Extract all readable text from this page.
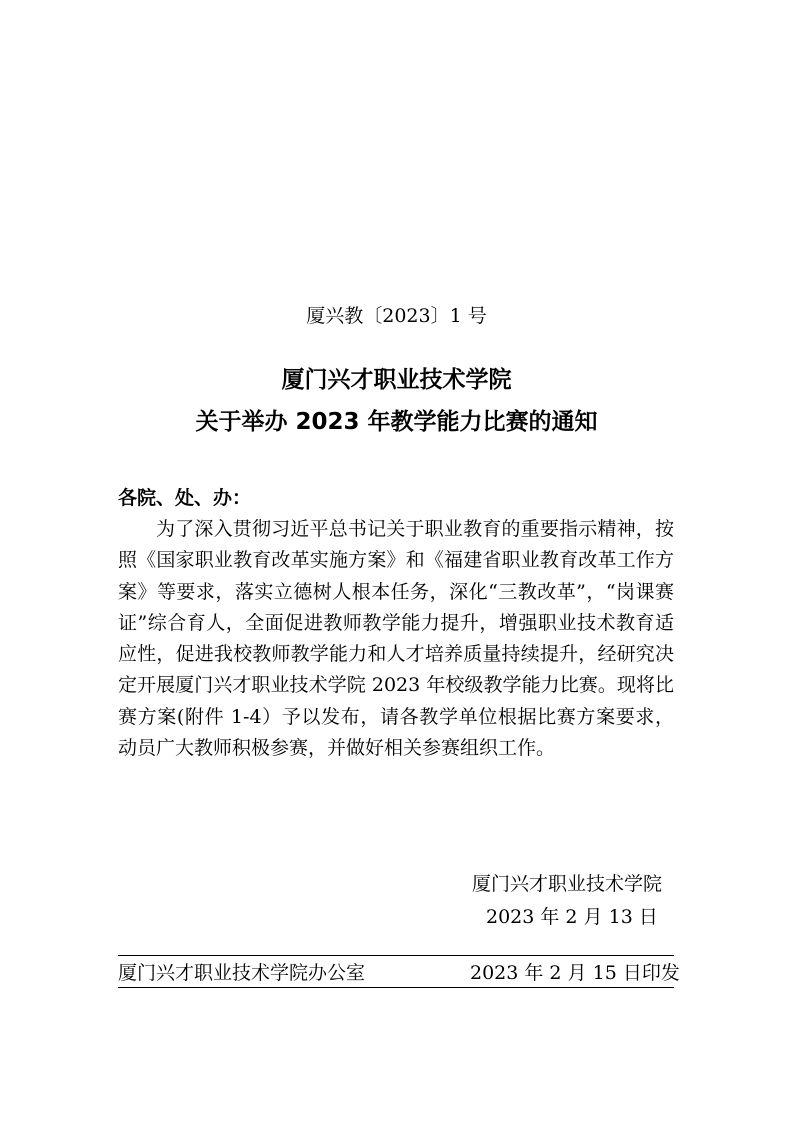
厦兴教〔2023〕1 号
厦门兴才职业技术学院
关于举办 2023 年教学能力比赛的通知
各院、处、办：

为了深入贯彻习近平总书记关于职业教育的重要指示精神，按照《国家职业教育改革实施方案》和《福建省职业教育改革工作方案》等要求，落实立德树人根本任务，深化“三教改革”，“岗课赛证”综合育人，全面促进教师教学能力提升，增强职业技术教育适应性，促进我校教师教学能力和人才培养质量持续提升，经研究决定开展厦门兴才职业技术学院 2023 年校级教学能力比赛。现将比赛方案(附件 1-4）予以发布，请各教学单位根据比赛方案要求，动员广大教师积极参赛，并做好相关参赛组织工作。

厦门兴才职业技术学院
2023 年 2 月 13 日
厦门兴才职业技术学院办公室	2023 年 2 月 15 日印发
